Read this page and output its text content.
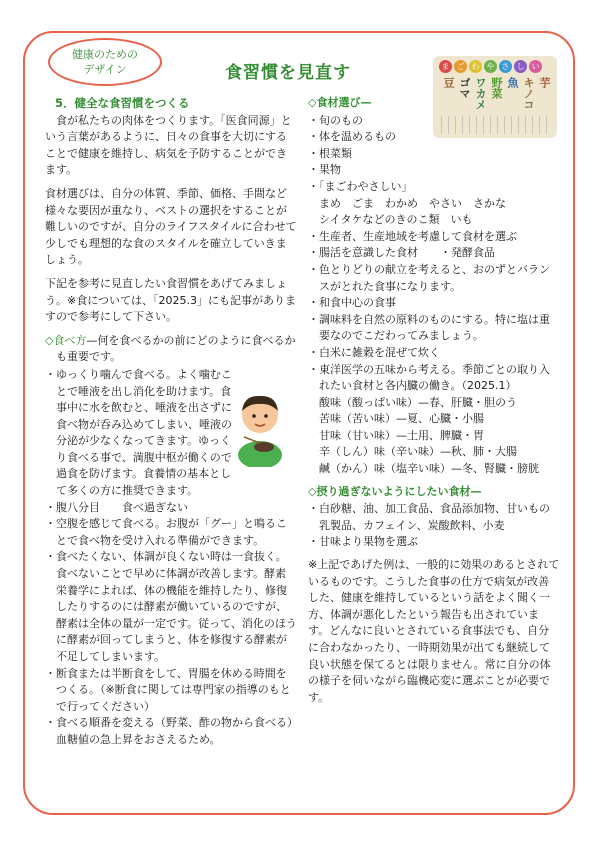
健康のための
デザイン	食習慣を見直す	ま ご わ や さ し い
豆 ゴマ ワカメ 野菜 魚 キノコ 芋
5．健全な食習慣をつくる

食が私たちの肉体をつくります。「医食同源」という言葉があるように、日々の食事を大切にすることで健康を維持し、病気を予防することができます。

食材選びは、自分の体質、季節、価格、手間など様々な要因が重なり、ベストの選択をすることが難しいのですが、自分のライフスタイルに合わせて少しでも理想的な食のスタイルを確立していきましょう。

下記を参考に見直したい食習慣をあげてみましょう。※食については、「2025.3」にも記事がありますので参考にして下さい。

◇食べ方—何を食べるかの前にどのように食べるかも重要です。

・ゆっくり噛んで食べる。よく噛むことで唾液を出し消化を助けます。食事中に水を飲むと、唾液を出さずに食べ物が呑み込めてしまい、唾液の分泌が少なくなってきます。ゆっくり食べる事で、満腹中枢が働くので過食を防げます。食養情の基本として多くの方に推奨できます。

・腹八分目　　食べ過ぎない

・空腹を感じて食べる。お腹が「グー」と鳴ることで食べ物を受け入れる準備ができます。

・食べたくない、体調が良くない時は一食抜く。食べないことで早めに体調が改善します。酵素栄養学によれば、体の機能を維持したり、修復したりするのには酵素が働いているのですが、酵素は全体の量が一定です。従って、消化のほうに酵素が回ってしまうと、体を修復する酵素が不足してしまいます。

・断食または半断食をして、胃腸を休める時間をつくる。（※断食に関しては専門家の指導のもとで行ってください）

・食べる順番を変える（野菜、酢の物から食べる）血糖値の急上昇をおさえるため。

◇食材選び—

・旬のもの

・体を温めるもの

・根菜類

・果物

・「まごわやさしい」

まめ　ごま　わかめ　やさい　さかな

シイタケなどのきのこ類　いも

・生産者、生産地域を考慮して食材を選ぶ

・腸活を意識した食材　　・発酵食品

・色とりどりの献立を考えると、おのずとバランスがとれた食事になります。

・和食中心の食事

・調味料を自然の原料のものにする。特に塩は重要なのでこだわってみましょう。

・白米に雑穀を混ぜて炊く

・東洋医学の五味から考える。季節ごとの取り入れたい食材と各内臓の働き。（2025.1）

酸味（酸っぱい味）—春、肝臓・胆のう

苦味（苦い味）—夏、心臓・小腸

甘味（甘い味）—土用、脾臓・胃

辛（しん）味（辛い味）—秋、肺・大腸

鹹（かん）味（塩辛い味）—冬、腎臓・膀胱

◇摂り過ぎないようにしたい食材—

・白砂糖、油、加工食品、食品添加物、甘いもの乳製品、カフェイン、炭酸飲料、小麦

・甘味より果物を選ぶ

※上記であげた例は、一般的に効果のあるとされているものです。こうした食事の仕方で病気が改善した、健康を維持しているという話をよく聞く一方、体調が悪化したという報告も出されています。どんなに良いとされている食事法でも、自分に合わなかったり、一時期効果が出ても継続して良い状態を保てるとは限りません。常に自分の体の様子を伺いながら臨機応変に選ぶことが必要です。
